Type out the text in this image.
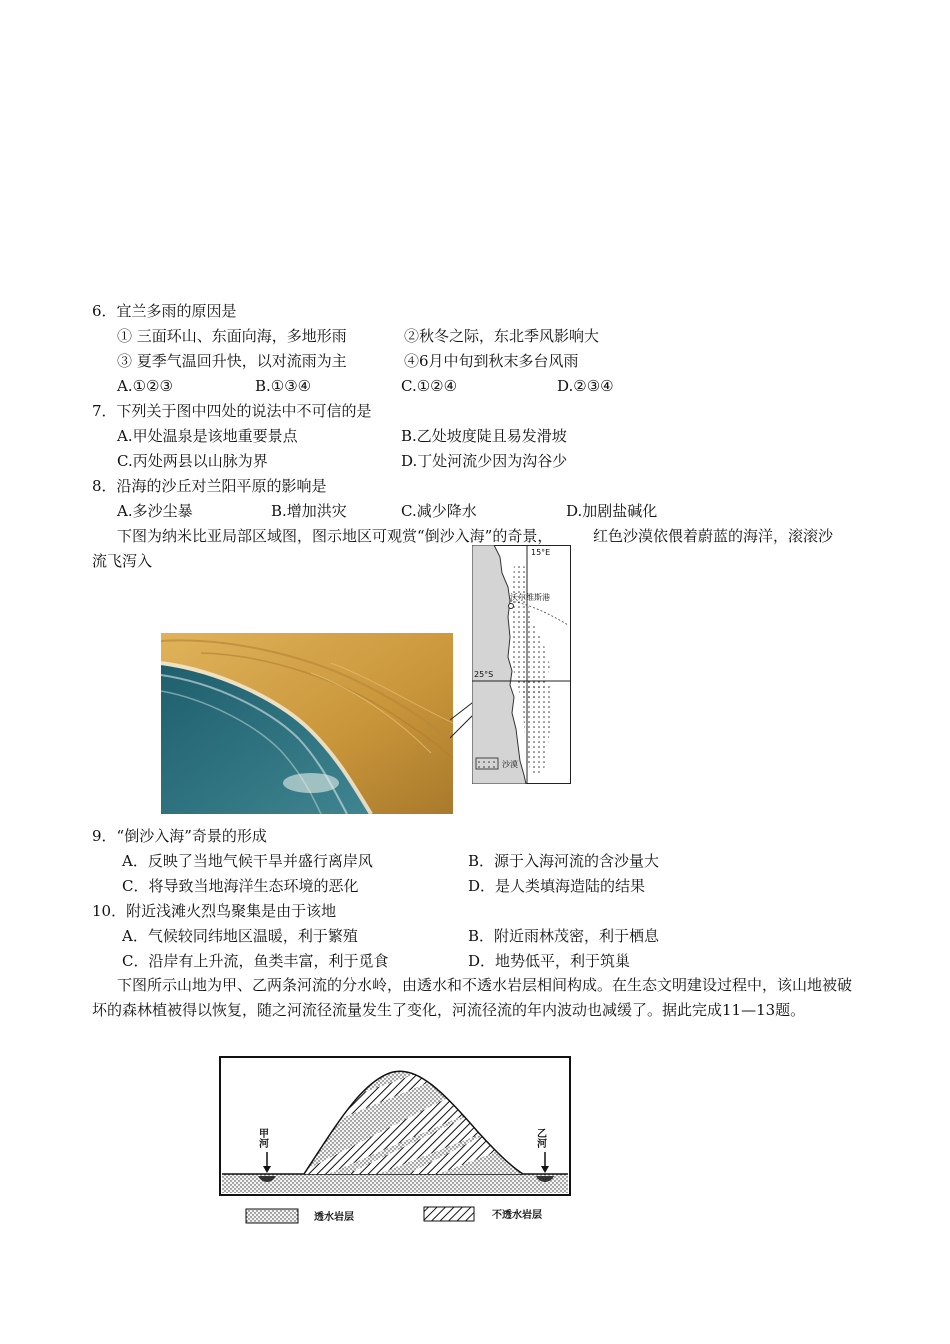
6．宜兰多雨的原因是
① 三面环山、东面向海，多地形雨	②秋冬之际，东北季风影响大
③ 夏季气温回升快，以对流雨为主	④6月中旬到秋末多台风雨
A.①②③	B.①③④	C.①②④	D.②③④
7．下列关于图中四处的说法中不可信的是
A.甲处温泉是该地重要景点	B.乙处坡度陡且易发滑坡
C.丙处两县以山脉为界	D.丁处河流少因为沟谷少
8．沿海的沙丘对兰阳平原的影响是
A.多沙尘暴	B.增加洪灾	C.减少降水	D.加剧盐碱化
下图为纳米比亚局部区域图，图示地区可观赏“倒沙入海”的奇景，	红色沙漠依偎着蔚蓝的海洋，滚滚沙
流飞泻入	15°E
沃尔维斯港
25°S
沙漠
9．“倒沙入海”奇景的形成
A．反映了当地气候干旱并盛行离岸风	B．源于入海河流的含沙量大
C．将导致当地海洋生态环境的恶化	D．是人类填海造陆的结果
10．附近浅滩火烈鸟聚集是由于该地
A．气候较同纬地区温暖，利于繁殖	B．附近雨林茂密，利于栖息
C．沿岸有上升流，鱼类丰富，利于觅食	D．地势低平，利于筑巢
下图所示山地为甲、乙两条河流的分水岭，由透水和不透水岩层相间构成。在生态文明建设过程中，该山地被破坏的森林植被得以恢复，随之河流径流量发生了变化，河流径流的年内波动也减缓了。据此完成11—13题。
甲河	乙河
透水岩层	不透水岩层
